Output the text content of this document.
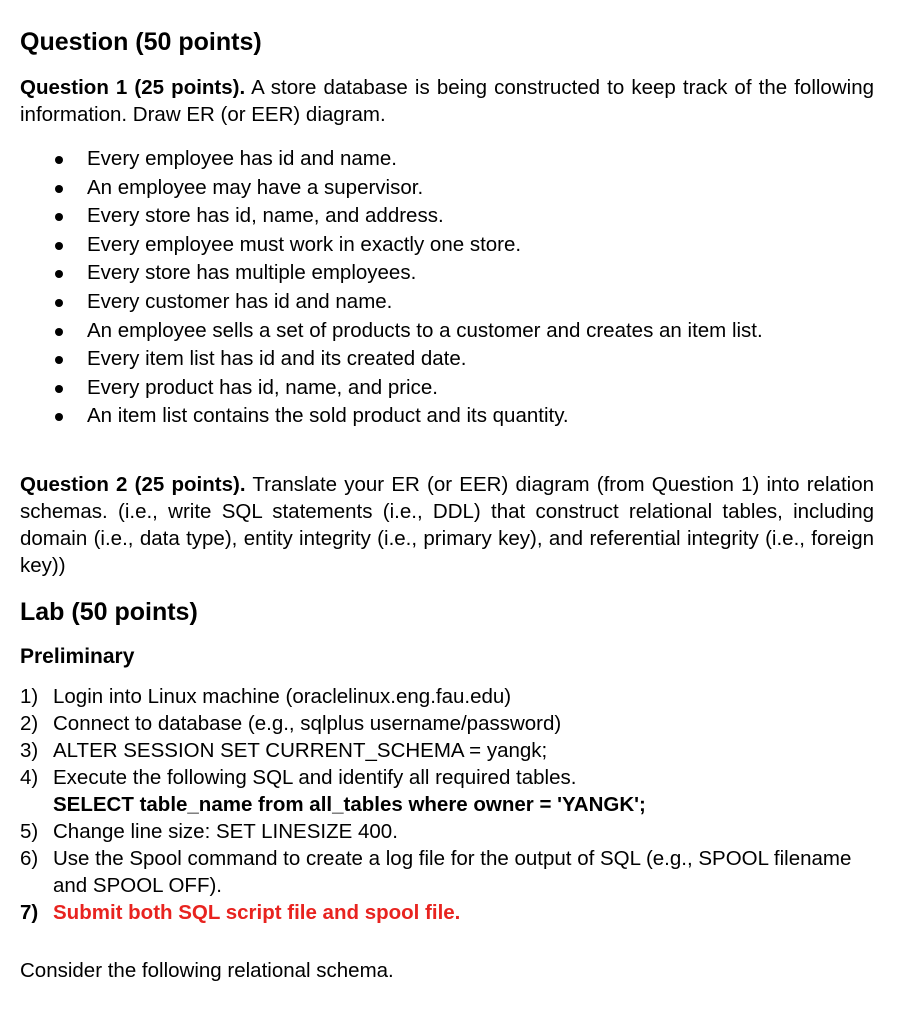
Question (50 points)

Question 1 (25 points). A store database is being constructed to keep track of the following information. Draw ER (or EER) diagram.

Every employee has id and name.
An employee may have a supervisor.
Every store has id, name, and address.
Every employee must work in exactly one store.
Every store has multiple employees.
Every customer has id and name.
An employee sells a set of products to a customer and creates an item list.
Every item list has id and its created date.
Every product has id, name, and price.
An item list contains the sold product and its quantity.

Question 2 (25 points). Translate your ER (or EER) diagram (from Question 1) into relation schemas. (i.e., write SQL statements (i.e., DDL) that construct relational tables, including domain (i.e., data type), entity integrity (i.e., primary key), and referential integrity (i.e., foreign key))

Lab (50 points)
Preliminary
1) Login into Linux machine (oraclelinux.eng.fau.edu)
2) Connect to database (e.g., sqlplus username/password)
3) ALTER SESSION SET CURRENT_SCHEMA = yangk;
4) Execute the following SQL and identify all required tables.
SELECT table_name from all_tables where owner = 'YANGK';
5) Change line size: SET LINESIZE 400.
6) Use the Spool command to create a log file for the output of SQL (e.g., SPOOL filename and SPOOL OFF).
7) Submit both SQL script file and spool file.

Consider the following relational schema.
